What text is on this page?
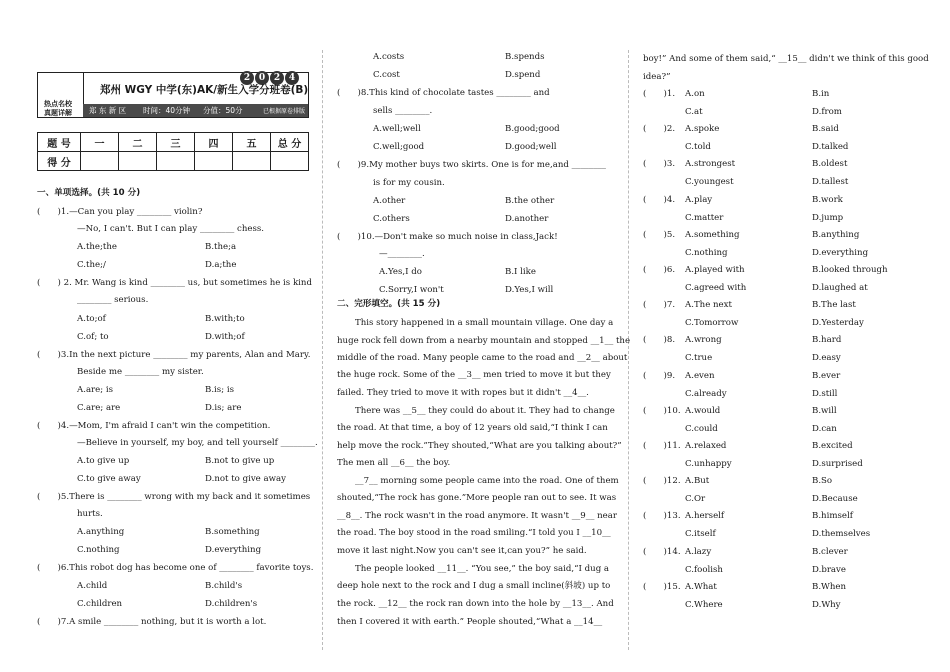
热点名校
真题详解
2 0 2 4
郑州 WGY 中学(东)AK/新生入学分班卷(B)
郑 东 新 区 时间：40分钟 分值：50分	已根据原卷排版
题 号	一	二	三	四	五	总 分
得 分						
一、单项选择。(共 10 分)
(　　)1.—Can you play ________ violin?
—No, I can't. But I can play ________ chess.
A.the;the	B.the;a
C.the;/	D.a;the
(　　) 2. Mr. Wang is kind ________ us, but sometimes he is kind
________ serious.
A.to;of	B.with;to
C.of; to	D.with;of
(　　)3.In the next picture ________ my parents, Alan and Mary.
Beside me ________ my sister.
A.are; is	B.is; is
C.are; are	D.is; are
(　　)4.—Mom, I'm afraid I can't win the competition.
—Believe in yourself, my boy, and tell yourself ________.
A.to give up	B.not to give up
C.to give away	D.not to give away
(　　)5.There is ________ wrong with my back and it sometimes
hurts.
A.anything	B.something
C.nothing	D.everything
(　　)6.This robot dog has become one of ________ favorite toys.
A.child	B.child's
C.children	D.children's
(　　)7.A smile ________ nothing, but it is worth a lot.
A.costs	B.spends
C.cost	D.spend
(　　)8.This kind of chocolate tastes ________ and
sells ________.
A.well;well	B.good;good
C.well;good	D.good;well
(　　)9.My mother buys two skirts. One is for me,and ________
is for my cousin.
A.other	B.the other
C.others	D.another
(　　)10.—Don't make so much noise in class,Jack!
—________.
A.Yes,I do	B.I like
C.Sorry,I won't	D.Yes,I will
二、完形填空。(共 15 分)
This story happened in a small mountain village. One day a
huge rock fell down from a nearby mountain and stopped __1__ the
middle of the road. Many people came to the road and __2__ about
the huge rock. Some of the __3__ men tried to move it but they
failed. They tried to move it with ropes but it didn't __4__.
There was __5__ they could do about it. They had to change
the road. At that time, a boy of 12 years old said,“I think I can
help move the rock.”They shouted,“What are you talking about?”
The men all __6__ the boy.
__7__ morning some people came into the road. One of them
shouted,“The rock has gone.”More people ran out to see. It was
__8__. The rock wasn't in the road anymore. It wasn't __9__ near
the road. The boy stood in the road smiling.“I told you I __10__
move it last night.Now you can't see it,can you?” he said.
The people looked __11__. “You see,” the boy said,“I dug a
deep hole next to the rock and I dug a small incline(斜坡) up to
the rock. __12__ the rock ran down into the hole by __13__. And
then I covered it with earth.” People shouted,“What a __14__
boy!” And some of them said,“ __15__ didn't we think of this good
idea?”
(　　)1. A.on	B.in
C.at	D.from
(　　)2. A.spoke	B.said
C.told	D.talked
(　　)3. A.strongest	B.oldest
C.youngest	D.tallest
(　　)4. A.play	B.work
C.matter	D.jump
(　　)5. A.something	B.anything
C.nothing	D.everything
(　　)6. A.played with	B.looked through
C.agreed with	D.laughed at
(　　)7. A.The next	B.The last
C.Tomorrow	D.Yesterday
(　　)8. A.wrong	B.hard
C.true	D.easy
(　　)9. A.even	B.ever
C.already	D.still
(　　)10. A.would	B.will
C.could	D.can
(　　)11. A.relaxed	B.excited
C.unhappy	D.surprised
(　　)12. A.But	B.So
C.Or	D.Because
(　　)13. A.herself	B.himself
C.itself	D.themselves
(　　)14. A.lazy	B.clever
C.foolish	D.brave
(　　)15. A.What	B.When
C.Where	D.Why
